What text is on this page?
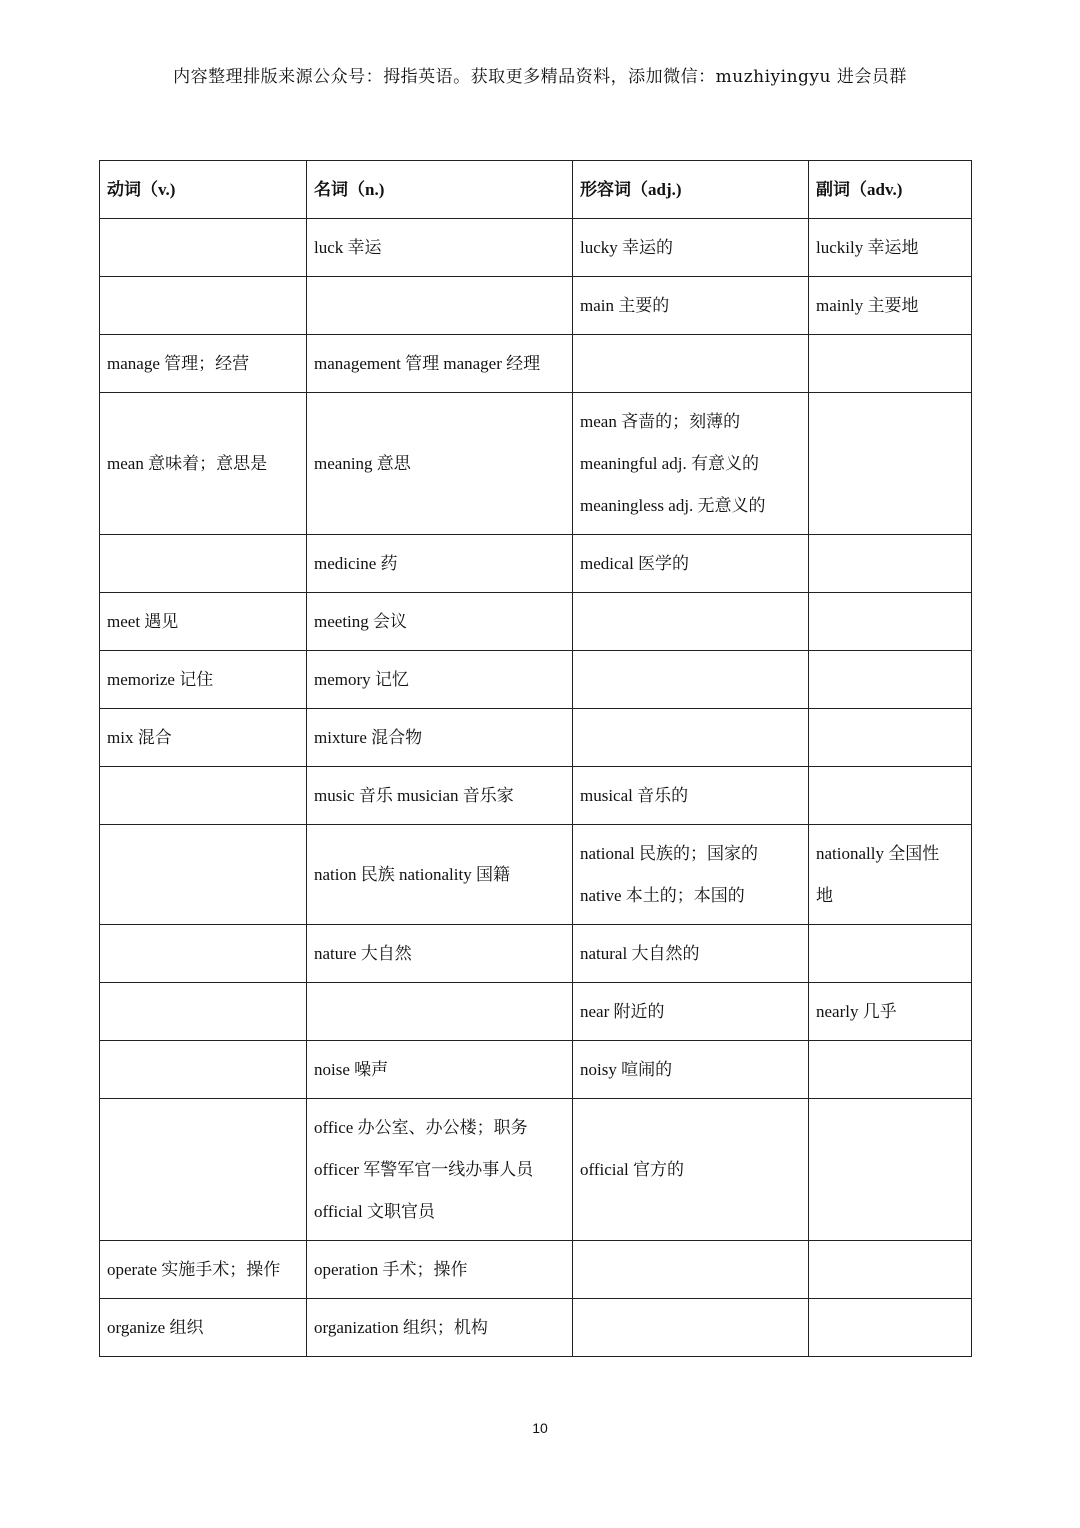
内容整理排版来源公众号：拇指英语。获取更多精品资料，添加微信：muzhiyingyu 进会员群
动词（v.)	名词（n.)	形容词（adj.)	副词（adv.)

	luck 幸运	lucky 幸运的	luckily 幸运地

		main 主要的	mainly 主要地

manage 管理；经营	management 管理 manager 经理		

mean 意味着；意思是	meaning 意思	mean 吝啬的；刻薄的
meaningful adj. 有意义的
meaningless adj. 无意义的	

	medicine 药	medical 医学的	

meet 遇见	meeting 会议		

memorize 记住	memory 记忆		

mix 混合	mixture 混合物		

	music 音乐 musician 音乐家	musical 音乐的	

	nation 民族 nationality 国籍	national 民族的；国家的
native 本土的；本国的	nationally 全国性
地

	nature 大自然	natural 大自然的	

		near 附近的	nearly 几乎

	noise 噪声	noisy 喧闹的	

	office 办公室、办公楼；职务
officer 军警军官一线办事人员
official 文职官员	official 官方的	

operate 实施手术；操作	operation 手术；操作		

organize 组织	organization 组织；机构		

10
